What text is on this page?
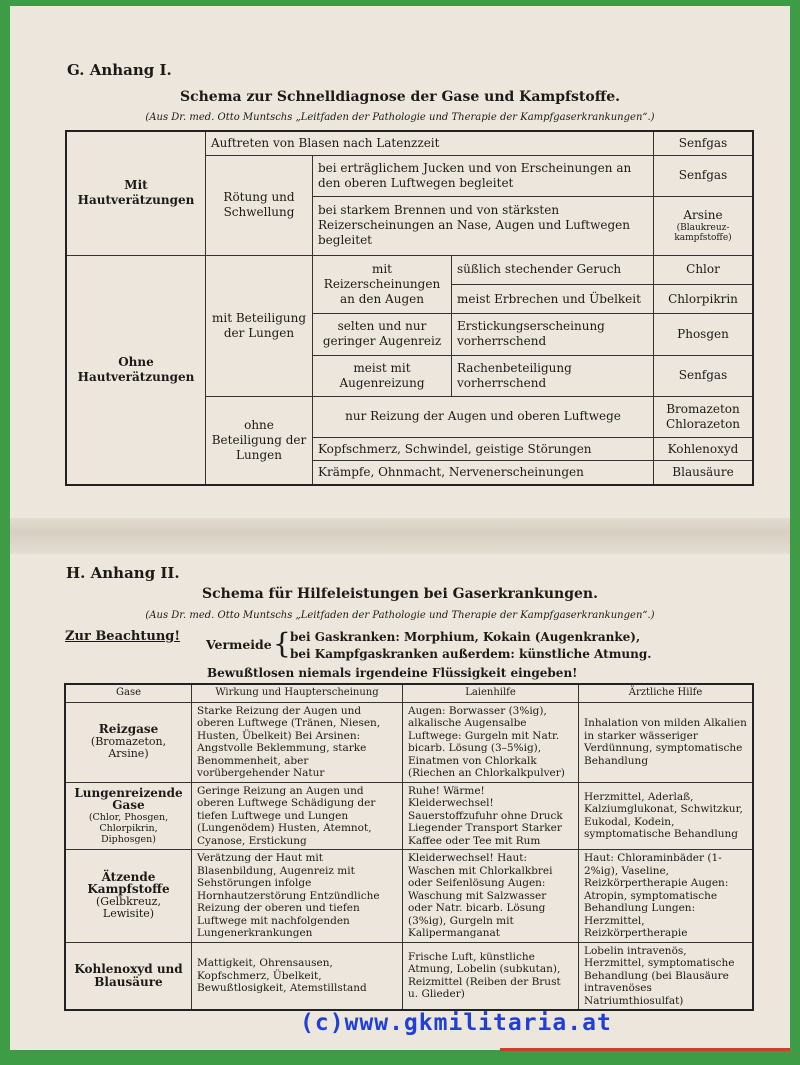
G. Anhang I.
Schema zur Schnelldiagnose der Gase und Kampfstoffe.
(Aus Dr. med. Otto Muntschs „Leitfaden der Pathologie und Therapie der Kampfgaserkrankungen“.)
Mit Hautverätzungen	Auftreten von Blasen nach Latenzzeit			Senfgas
	Rötung und Schwellung	bei erträglichem Jucken und von Erscheinungen an den oberen Luftwegen begleitet		Senfgas
		bei starkem Brennen und von stärksten Reizerscheinungen an Nase, Augen und Luftwegen begleitet		Arsine
(Blaukreuz-kampfstoffe)

Ohne Hautverätzungen	mit Beteiligung der Lungen	mit Reizerscheinungen an den Augen	süßlich stechender Geruch	Chlor
			meist Erbrechen und Übelkeit	Chlorpikrin
		selten und nur geringer Augenreiz	Erstickungserscheinung vorherrschend	Phosgen
		meist mit Augenreizung	Rachenbeteiligung vorherrschend	Senfgas
	ohne Beteiligung der Lungen	nur Reizung der Augen und oberen Luftwege		Bromazeton Chlorazeton
		Kopfschmerz, Schwindel, geistige Störungen		Kohlenoxyd
		Krämpfe, Ohnmacht, Nervenerscheinungen		Blausäure
H. Anhang II.
Schema für Hilfeleistungen bei Gaserkrankungen.
(Aus Dr. med. Otto Muntschs „Leitfaden der Pathologie und Therapie der Kampfgaserkrankungen“.)
Zur Beachtung!
Vermeide { bei Gaskranken: Morphium, Kokain (Augenkranke),
bei Kampfgaskranken außerdem: künstliche Atmung.
Bewußtlosen niemals irgendeine Flüssigkeit eingeben!
Gase	Wirkung und Haupterscheinung	Laienhilfe	Ärztliche Hilfe

Reizgase
(Bromazeton, Arsine)	Starke Reizung der Augen und oberen Luftwege (Tränen, Niesen, Husten, Übelkeit) Bei Arsinen: Angstvolle Beklemmung, starke Benommenheit, aber vorübergehender Natur	Augen: Borwasser (3%ig), alkalische Augensalbe Luftwege: Gurgeln mit Natr. bicarb. Lösung (3–5%ig), Einatmen von Chlorkalk (Riechen an Chlorkalkpulver)	Inhalation von milden Alkalien in starker wässeriger Verdünnung, symptomatische Behandlung

Lungenreizende Gase
(Chlor, Phosgen, Chlorpikrin, Diphosgen)	Geringe Reizung an Augen und oberen Luftwege Schädigung der tiefen Luftwege und Lungen (Lungenödem) Husten, Atemnot, Cyanose, Erstickung	Ruhe! Wärme! Kleiderwechsel! Sauerstoffzufuhr ohne Druck Liegender Transport Starker Kaffee oder Tee mit Rum	Herzmittel, Aderlaß, Kalziumglukonat, Schwitzkur, Eukodal, Kodein, symptomatische Behandlung

Ätzende Kampfstoffe
(Gelbkreuz, Lewisite)	Verätzung der Haut mit Blasenbildung, Augenreiz mit Sehstörungen infolge Hornhautzerstörung Entzündliche Reizung der oberen und tiefen Luftwege mit nachfolgenden Lungenerkrankungen	Kleiderwechsel! Haut: Waschen mit Chlorkalkbrei oder Seifenlösung Augen: Waschung mit Salzwasser oder Natr. bicarb. Lösung (3%ig), Gurgeln mit Kalipermanganat	Haut: Chloraminbäder (1-2%ig), Vaseline, Reizkörpertherapie Augen: Atropin, symptomatische Behandlung Lungen: Herzmittel, Reizkörpertherapie

Kohlenoxyd und Blausäure	Mattigkeit, Ohrensausen, Kopfschmerz, Übelkeit, Bewußtlosigkeit, Atemstillstand	Frische Luft, künstliche Atmung, Lobelin (subkutan), Reizmittel (Reiben der Brust u. Glieder)	Lobelin intravenös, Herzmittel, symptomatische Behandlung (bei Blausäure intravenöses Natriumthiosulfat)
(c)www.gkmilitaria.at
